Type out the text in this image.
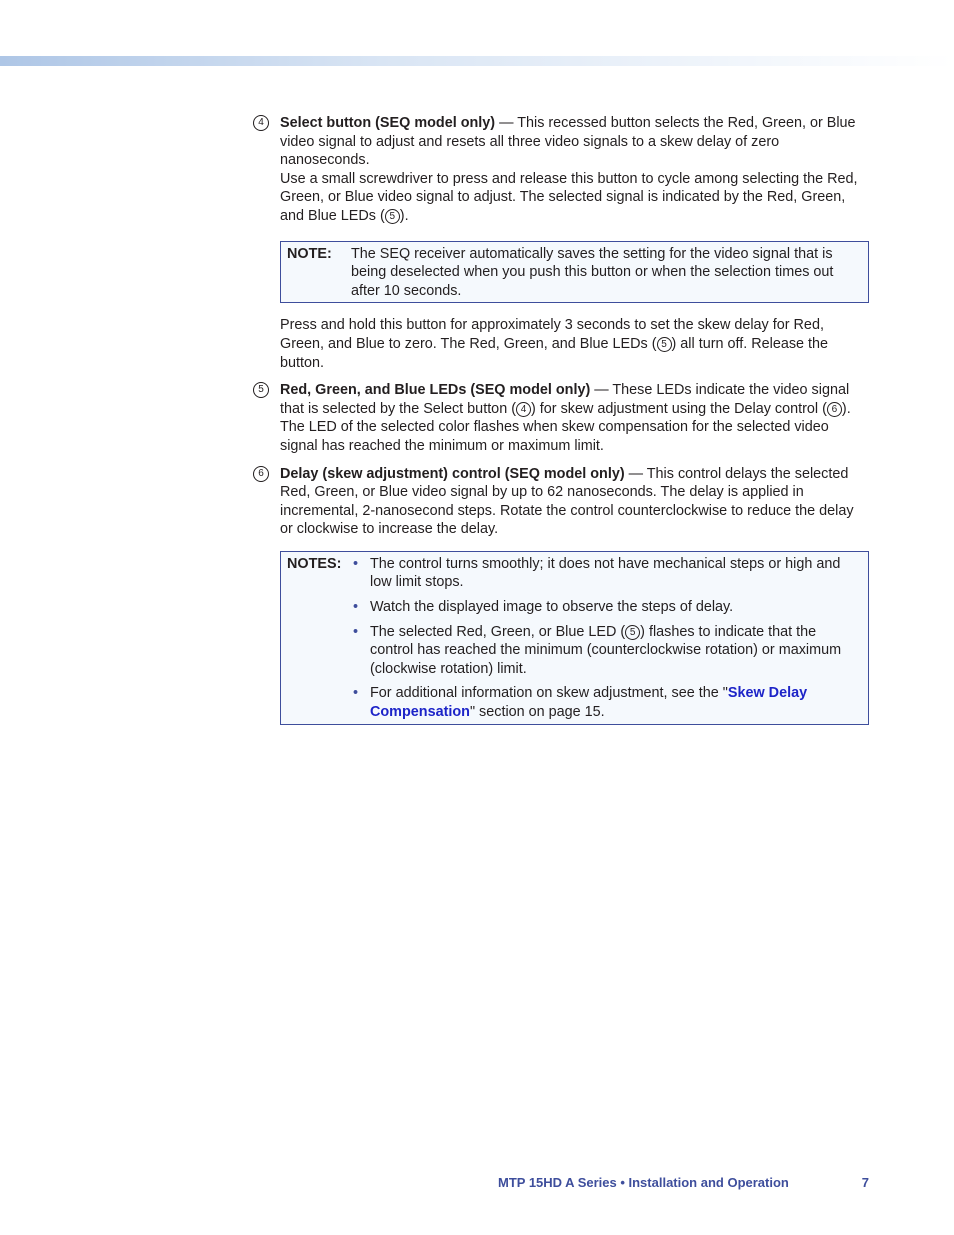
4	Select button (SEQ model only) — This recessed button selects the Red, Green, or Blue video signal to adjust and resets all three video signals to a skew delay of zero nanoseconds.

Use a small screwdriver to press and release this button to cycle among selecting the Red, Green, or Blue video signal to adjust. The selected signal is indicated by the Red, Green, and Blue LEDs ( 5 ).

NOTE: The SEQ receiver automatically saves the setting for the video signal that is being deselected when you push this button or when the selection times out after 10 seconds.

Press and hold this button for approximately 3 seconds to set the skew delay for Red, Green, and Blue to zero. The Red, Green, and Blue LEDs ( 5 ) all turn off. Release the button.

5	Red, Green, and Blue LEDs (SEQ model only) — These LEDs indicate the video signal that is selected by the Select button ( 4 ) for skew adjustment using the Delay control ( 6 ). The LED of the selected color flashes when skew compensation for the selected video signal has reached the minimum or maximum limit.

6	Delay (skew adjustment) control (SEQ model only) — This control delays the selected Red, Green, or Blue video signal by up to 62 nanoseconds. The delay is applied in incremental, 2-nanosecond steps. Rotate the control counterclockwise to reduce the delay or clockwise to increase the delay.

NOTES: • The control turns smoothly; it does not have mechanical steps or high and low limit stops.
• Watch the displayed image to observe the steps of delay.
• The selected Red, Green, or Blue LED ( 5 ) flashes to indicate that the control has reached the minimum (counterclockwise rotation) or maximum (clockwise rotation) limit.
• For additional information on skew adjustment, see the "Skew Delay Compensation" section on page 15.
MTP 15HD A Series • Installation and Operation	7
